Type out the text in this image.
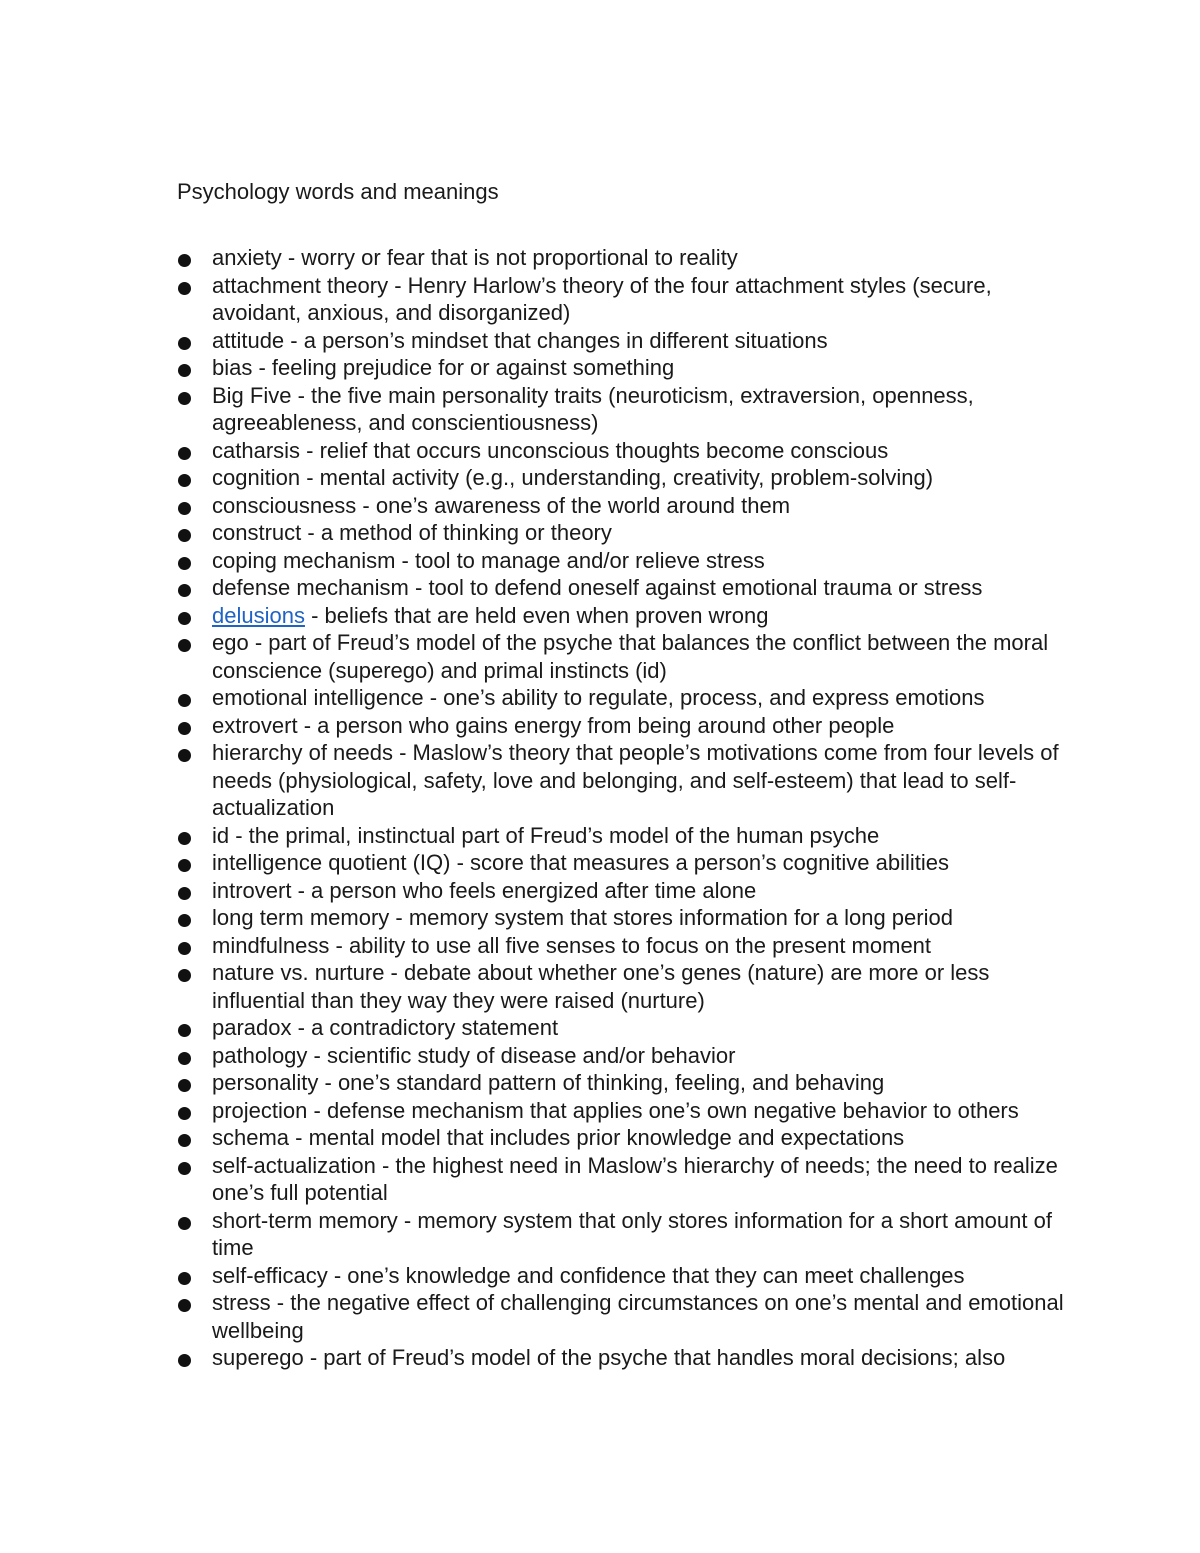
Psychology words and meanings
anxiety - worry or fear that is not proportional to reality
attachment theory - Henry Harlow’s theory of the four attachment styles (secure, avoidant, anxious, and disorganized)
attitude - a person’s mindset that changes in different situations
bias - feeling prejudice for or against something
Big Five - the five main personality traits (neuroticism, extraversion, openness, agreeableness, and conscientiousness)
catharsis - relief that occurs unconscious thoughts become conscious
cognition - mental activity (e.g., understanding, creativity, problem-solving)
consciousness - one’s awareness of the world around them
construct - a method of thinking or theory
coping mechanism - tool to manage and/or relieve stress
defense mechanism - tool to defend oneself against emotional trauma or stress
delusions - beliefs that are held even when proven wrong
ego - part of Freud’s model of the psyche that balances the conflict between the moral conscience (superego) and primal instincts (id)
emotional intelligence - one’s ability to regulate, process, and express emotions
extrovert - a person who gains energy from being around other people
hierarchy of needs - Maslow’s theory that people’s motivations come from four levels of needs (physiological, safety, love and belonging, and self-esteem) that lead to self-actualization
id - the primal, instinctual part of Freud’s model of the human psyche
intelligence quotient (IQ) - score that measures a person’s cognitive abilities
introvert - a person who feels energized after time alone
long term memory - memory system that stores information for a long period
mindfulness - ability to use all five senses to focus on the present moment
nature vs. nurture - debate about whether one’s genes (nature) are more or less influential than they way they were raised (nurture)
paradox - a contradictory statement
pathology - scientific study of disease and/or behavior
personality - one’s standard pattern of thinking, feeling, and behaving
projection - defense mechanism that applies one’s own negative behavior to others
schema - mental model that includes prior knowledge and expectations
self-actualization - the highest need in Maslow’s hierarchy of needs; the need to realize one’s full potential
short-term memory - memory system that only stores information for a short amount of time
self-efficacy - one’s knowledge and confidence that they can meet challenges
stress - the negative effect of challenging circumstances on one’s mental and emotional wellbeing
superego - part of Freud’s model of the psyche that handles moral decisions; also
